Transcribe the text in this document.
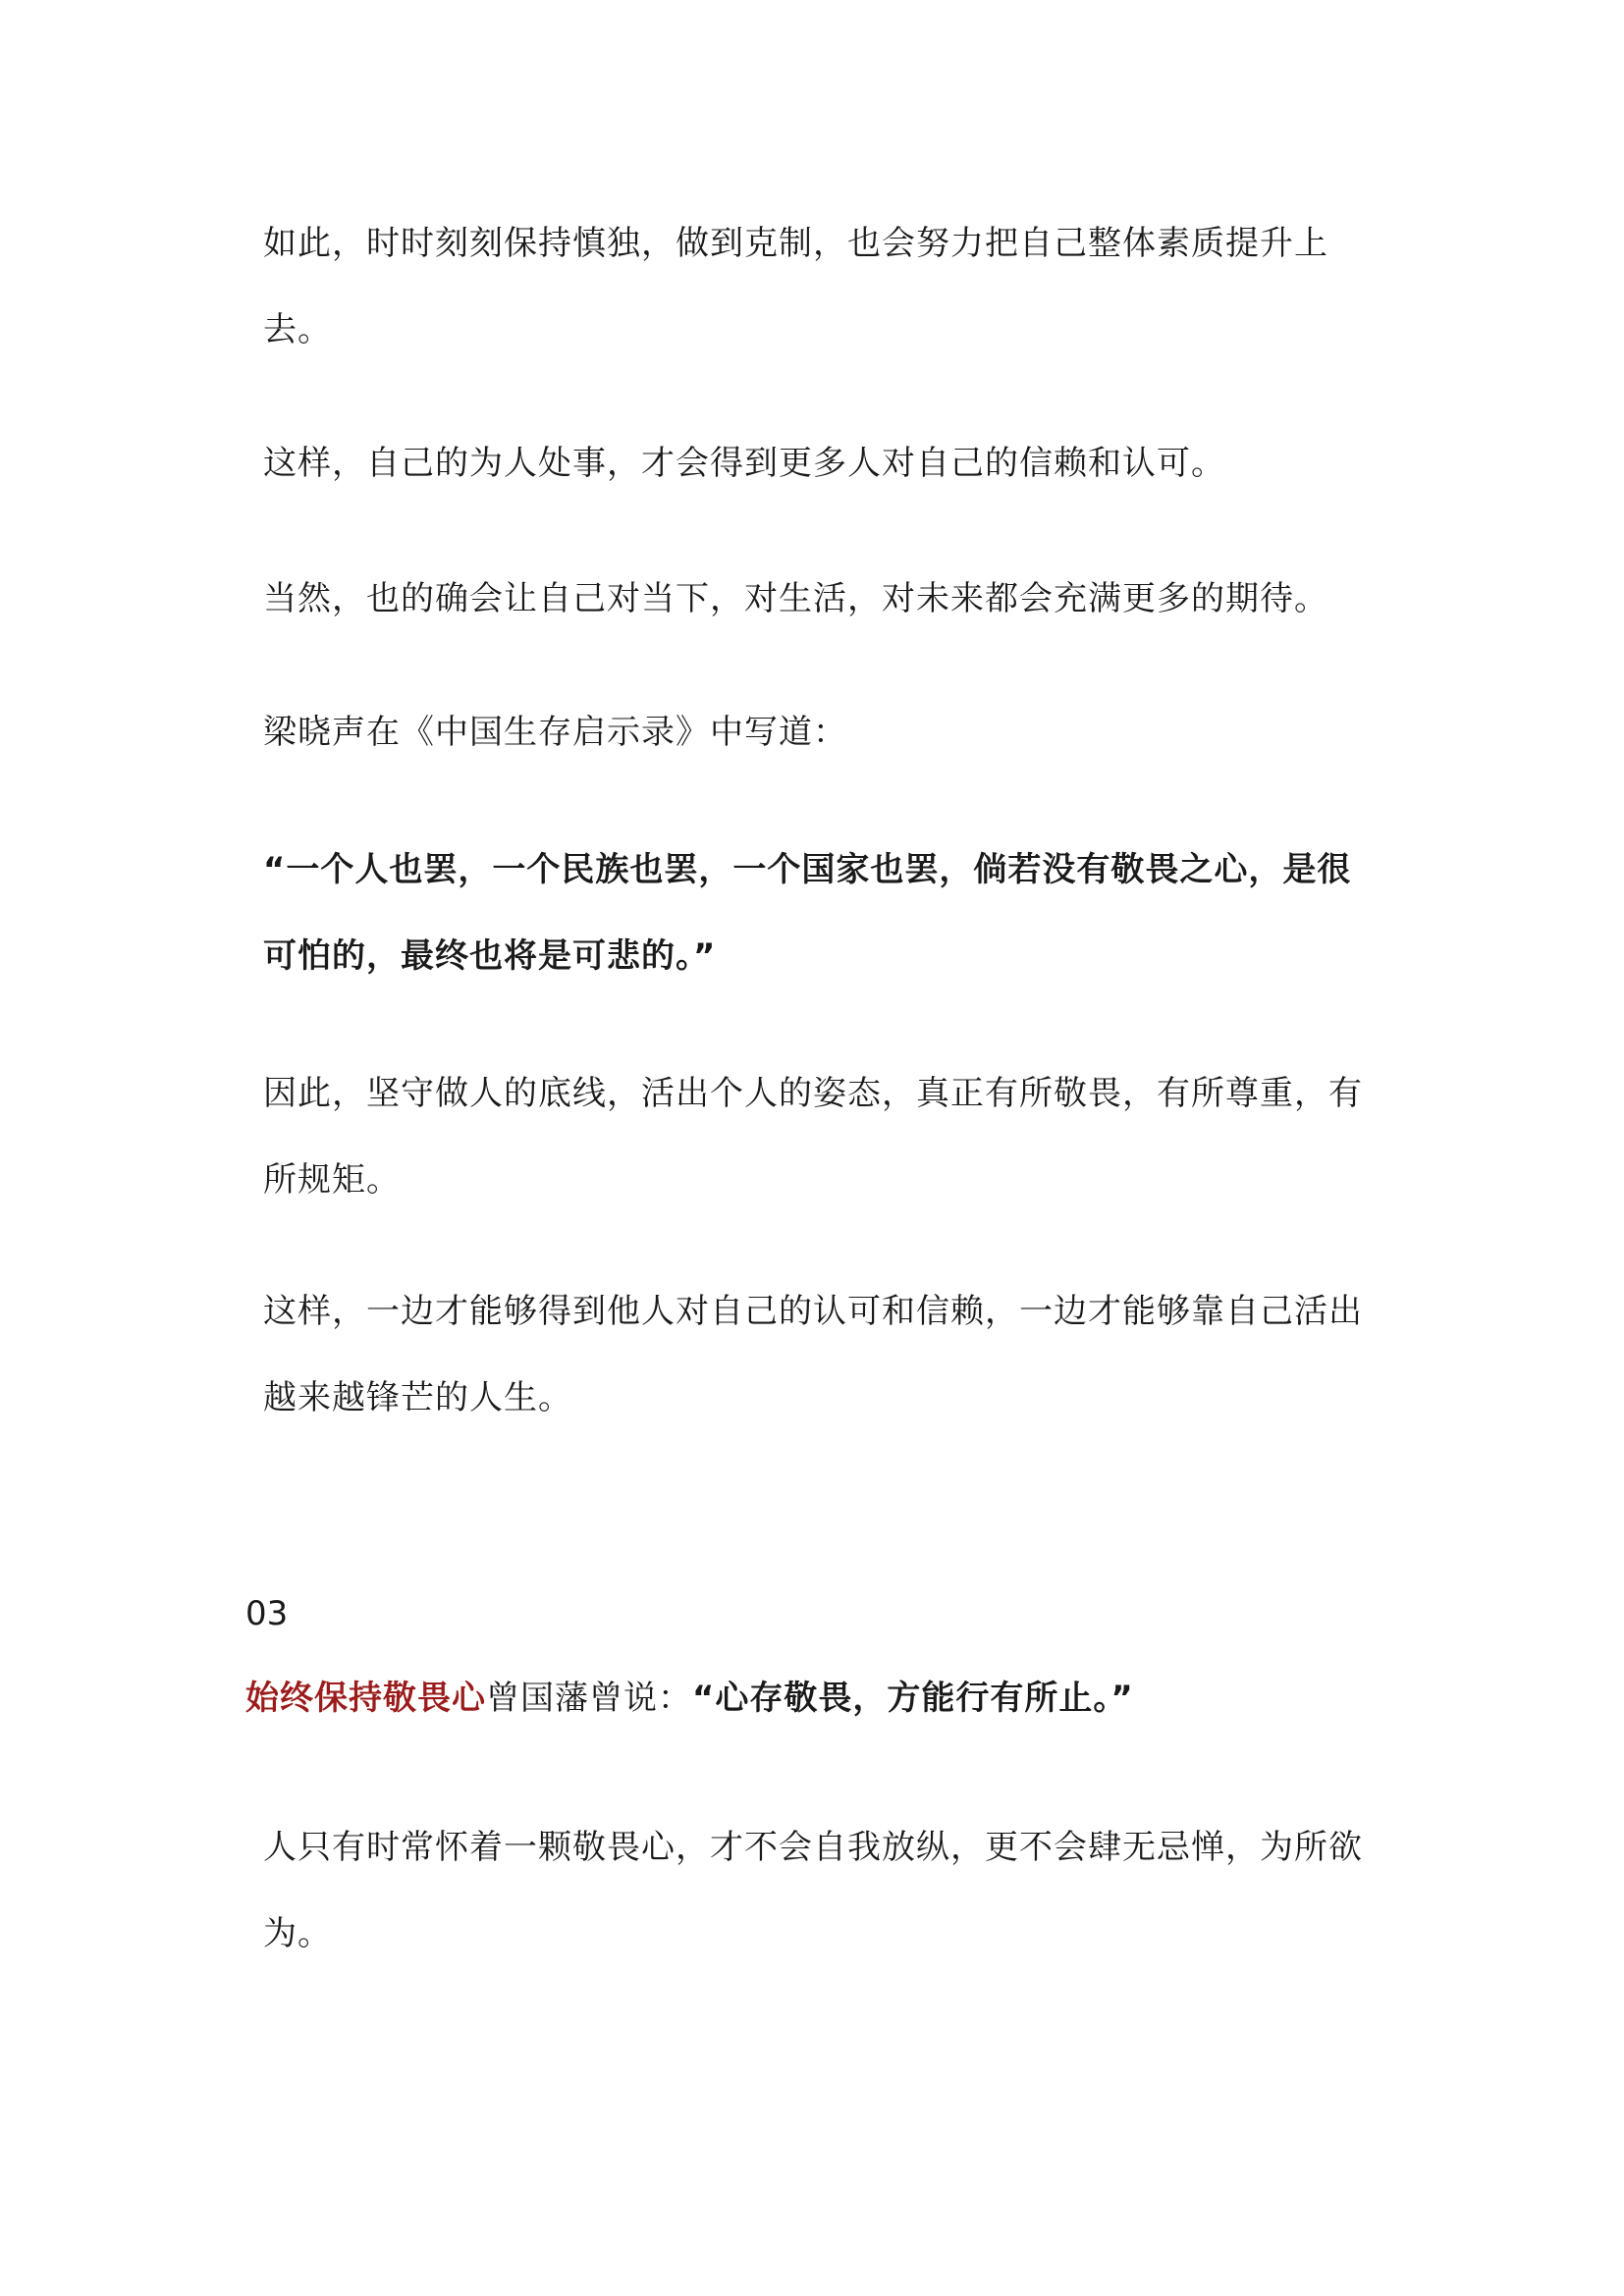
如此，时时刻刻保持慎独，做到克制，也会努力把自己整体素质提升上去。

这样，自己的为人处事，才会得到更多人对自己的信赖和认可。

当然，也的确会让自己对当下，对生活，对未来都会充满更多的期待。

梁晓声在《中国生存启示录》中写道：

“一个人也罢，一个民族也罢，一个国家也罢，倘若没有敬畏之心，是很可怕的，最终也将是可悲的。”

因此，坚守做人的底线，活出个人的姿态，真正有所敬畏，有所尊重，有所规矩。

这样，一边才能够得到他人对自己的认可和信赖，一边才能够靠自己活出越来越锋芒的人生。

03

始终保持敬畏心曾国藩曾说：“心存敬畏，方能行有所止。”

人只有时常怀着一颗敬畏心，才不会自我放纵，更不会肆无忌惮，为所欲为。
